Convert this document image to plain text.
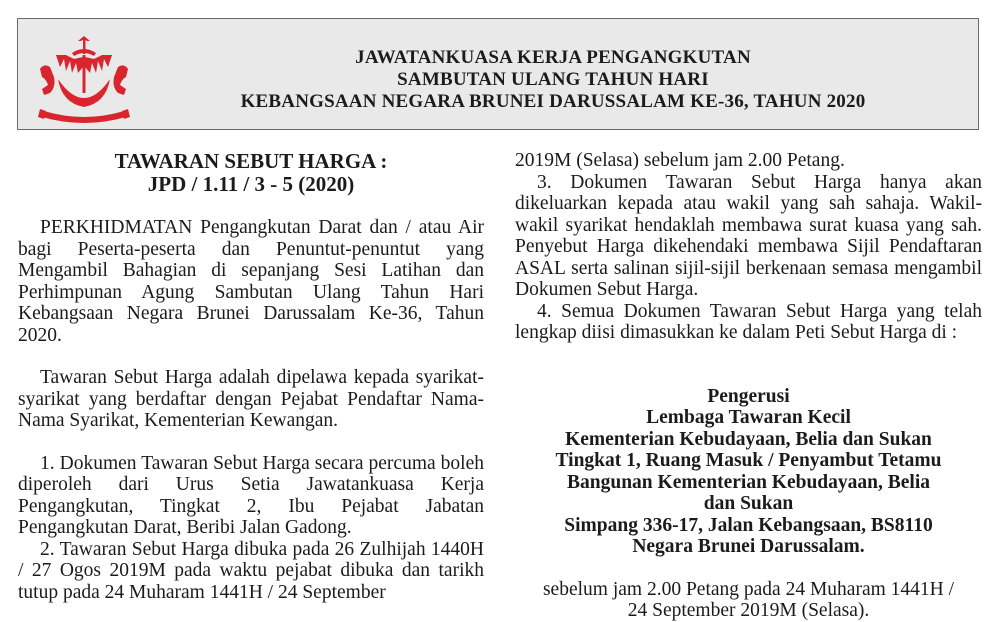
JAWATANKUASA KERJA PENGANGKUTAN
SAMBUTAN ULANG TAHUN HARI
KEBANGSAAN NEGARA BRUNEI DARUSSALAM KE-36, TAHUN 2020
TAWARAN SEBUT HARGA :
JPD / 1.11 / 3 - 5 (2020)

PERKHIDMATAN Pengangkutan Darat dan / atau Air bagi Peserta-peserta dan Penuntut-penuntut yang Mengambil Bahagian di sepanjang Sesi Latihan dan Perhimpunan Agung Sambutan Ulang Tahun Hari Kebangsaan Negara Brunei Darussalam Ke-36, Tahun 2020.

Tawaran Sebut Harga adalah dipelawa kepada syarikat-syarikat yang berdaftar dengan Pejabat Pendaftar Nama-Nama Syarikat, Kementerian Kewangan.

1. Dokumen Tawaran Sebut Harga secara percuma boleh diperoleh dari Urus Setia Jawatankuasa Kerja Pengangkutan, Tingkat 2, Ibu Pejabat Jabatan Pengangkutan Darat, Beribi Jalan Gadong.

2. Tawaran Sebut Harga dibuka pada 26 Zulhijah 1440H / 27 Ogos 2019M pada waktu pejabat dibuka dan tarikh tutup pada 24 Muharam 1441H / 24 September

2019M (Selasa) sebelum jam 2.00 Petang.

3. Dokumen Tawaran Sebut Harga hanya akan dikeluarkan kepada atau wakil yang sah sahaja. Wakil-wakil syarikat hendaklah membawa surat kuasa yang sah. Penyebut Harga dikehendaki membawa Sijil Pendaftaran ASAL serta salinan sijil-sijil berkenaan semasa mengambil Dokumen Sebut Harga.

4. Semua Dokumen Tawaran Sebut Harga yang telah lengkap diisi dimasukkan ke dalam Peti Sebut Harga di :

Pengerusi
Lembaga Tawaran Kecil
Kementerian Kebudayaan, Belia dan Sukan
Tingkat 1, Ruang Masuk / Penyambut Tetamu
Bangunan Kementerian Kebudayaan, Belia
dan Sukan
Simpang 336-17, Jalan Kebangsaan, BS8110
Negara Brunei Darussalam.
sebelum jam 2.00 Petang pada 24 Muharam 1441H /
24 September 2019M (Selasa).
